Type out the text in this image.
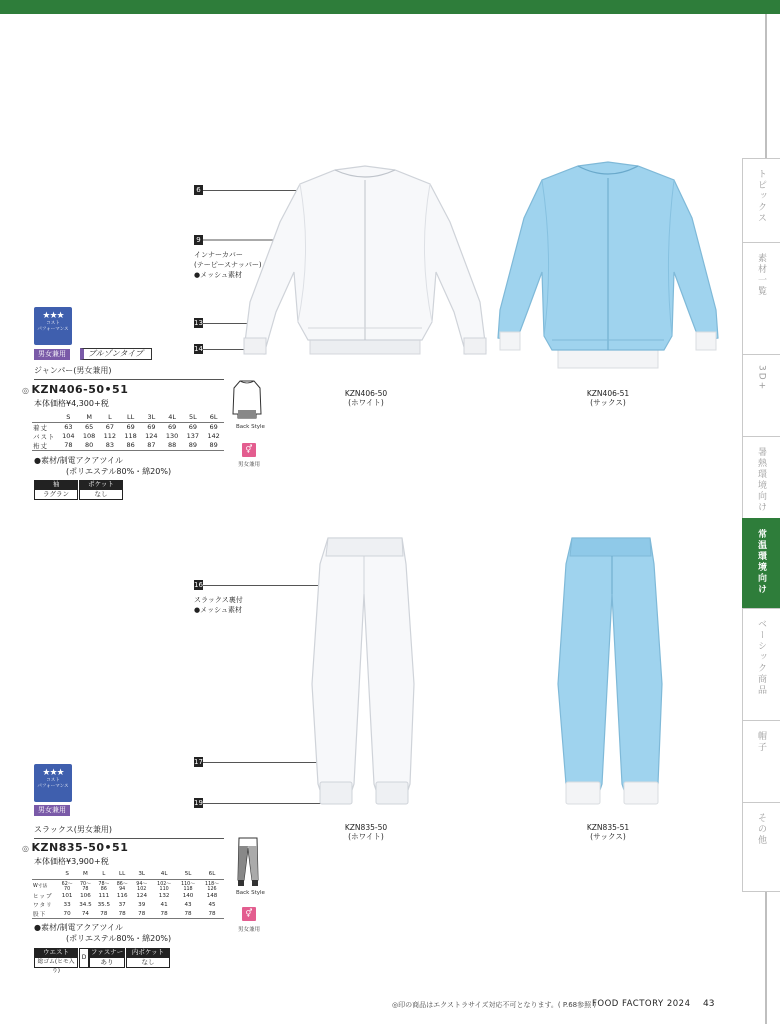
トピックス
素材一覧
3D+
暑熱環境向け
常温環境向け
ベーシック商品
帽子
その他
★★★
コスト
パフォーマンス
男女兼用	ブルゾンタイプ
ジャンパー(男女兼用)
◎ KZN406-50•51
本体価格¥4,300+税
	S	M	L	LL	3L	4L	5L	6L
着丈	63	65	67	69	69	69	69	69
バスト	104	108	112	118	124	130	137	142
裄丈	78	80	83	86	87	88	89	89
●素材/制電アクアツイル
(ポリエステル80%・綿20%)
袖
ラグラン
ポケット
なし
Back Style
⚥
男女兼用
6
9
インナーカバー
(テーピースナッパー)
●メッシュ素材
13
14
KZN406-50
(ホワイト)
KZN406-51
(サックス)
★★★
コスト
パフォーマンス
男女兼用
スラックス(男女兼用)
◎ KZN835-50•51
本体価格¥3,900+税
	S	M	L	LL	3L	4L	5L	6L
W寸法	62〜70	70〜78	78〜86	86〜94	94〜102	102〜110	110〜118	118〜126
ヒップ	101	106	111	116	124	132	140	148
ワタリ	33	34.5	35.5	37	39	41	43	45
股下	70	74	78	78	78	78	78	78
●素材/制電アクアツイル
(ポリエステル80%・綿20%)
ウエスト
総ゴム(ヒモ入り)
D
ファスナー
あり
内ポケット
なし
Back Style
⚥
男女兼用
16
スラックス裏付
●メッシュ素材
17
19
KZN835-50
(ホワイト)
KZN835-51
(サックス)
◎印の商品はエクストラサイズ対応不可となります。( P.68参照 )
FOOD FACTORY 2024 43
